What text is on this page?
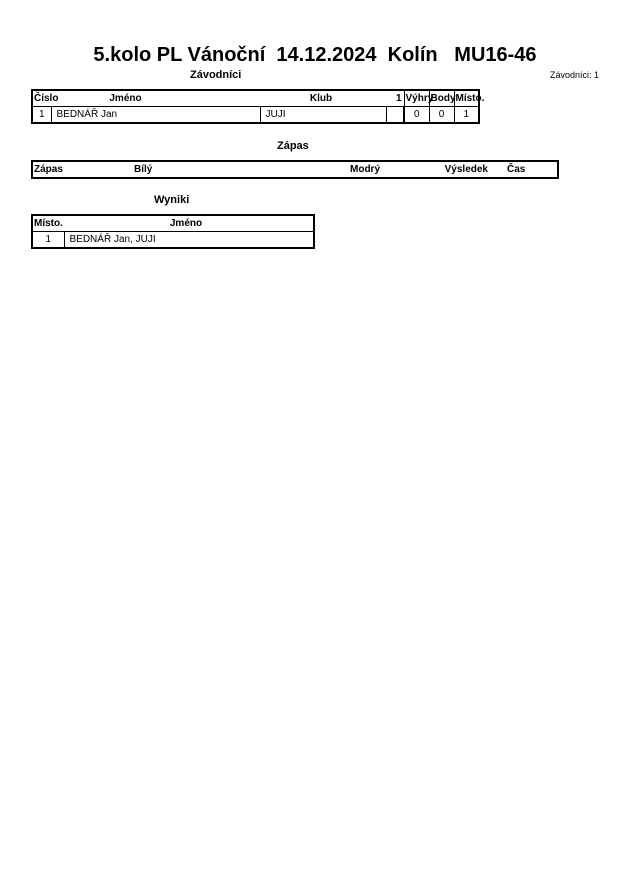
5.kolo PL Vánoční  14.12.2024  Kolín   MU16-46
Závodníci	Závodníci: 1
Číslo	Jméno	Klub	1	Výhry	Body	Místo.
1	BEDNÁŘ Jan	JUJI		0	0	1
Zápas
Zápas	Bílý	Modrý	Výsledek	Čas
Wyniki
Místo.	Jméno
1	BEDNÁŘ Jan, JUJI
